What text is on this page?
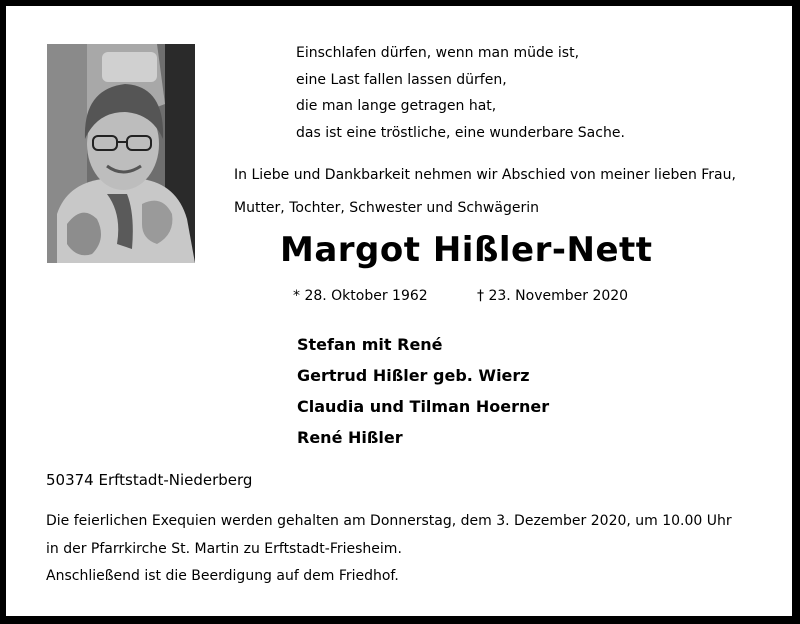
Einschlafen dürfen, wenn man müde ist,
eine Last fallen lassen dürfen,
die man lange getragen hat,
das ist eine tröstliche, eine wunderbare Sache.
In Liebe und Dankbarkeit nehmen wir Abschied von meiner lieben Frau,
Mutter, Tochter, Schwester und Schwägerin
Margot Hißler-Nett
* 28. Oktober 1962	† 23. November 2020
Stefan mit René
Gertrud Hißler geb. Wierz
Claudia und Tilman Hoerner
René Hißler
50374 Erftstadt-Niederberg
Die feierlichen Exequien werden gehalten am Donnerstag, dem 3. Dezember 2020, um 10.00 Uhr
in der Pfarrkirche St. Martin zu Erftstadt-Friesheim.
Anschließend ist die Beerdigung auf dem Friedhof.
